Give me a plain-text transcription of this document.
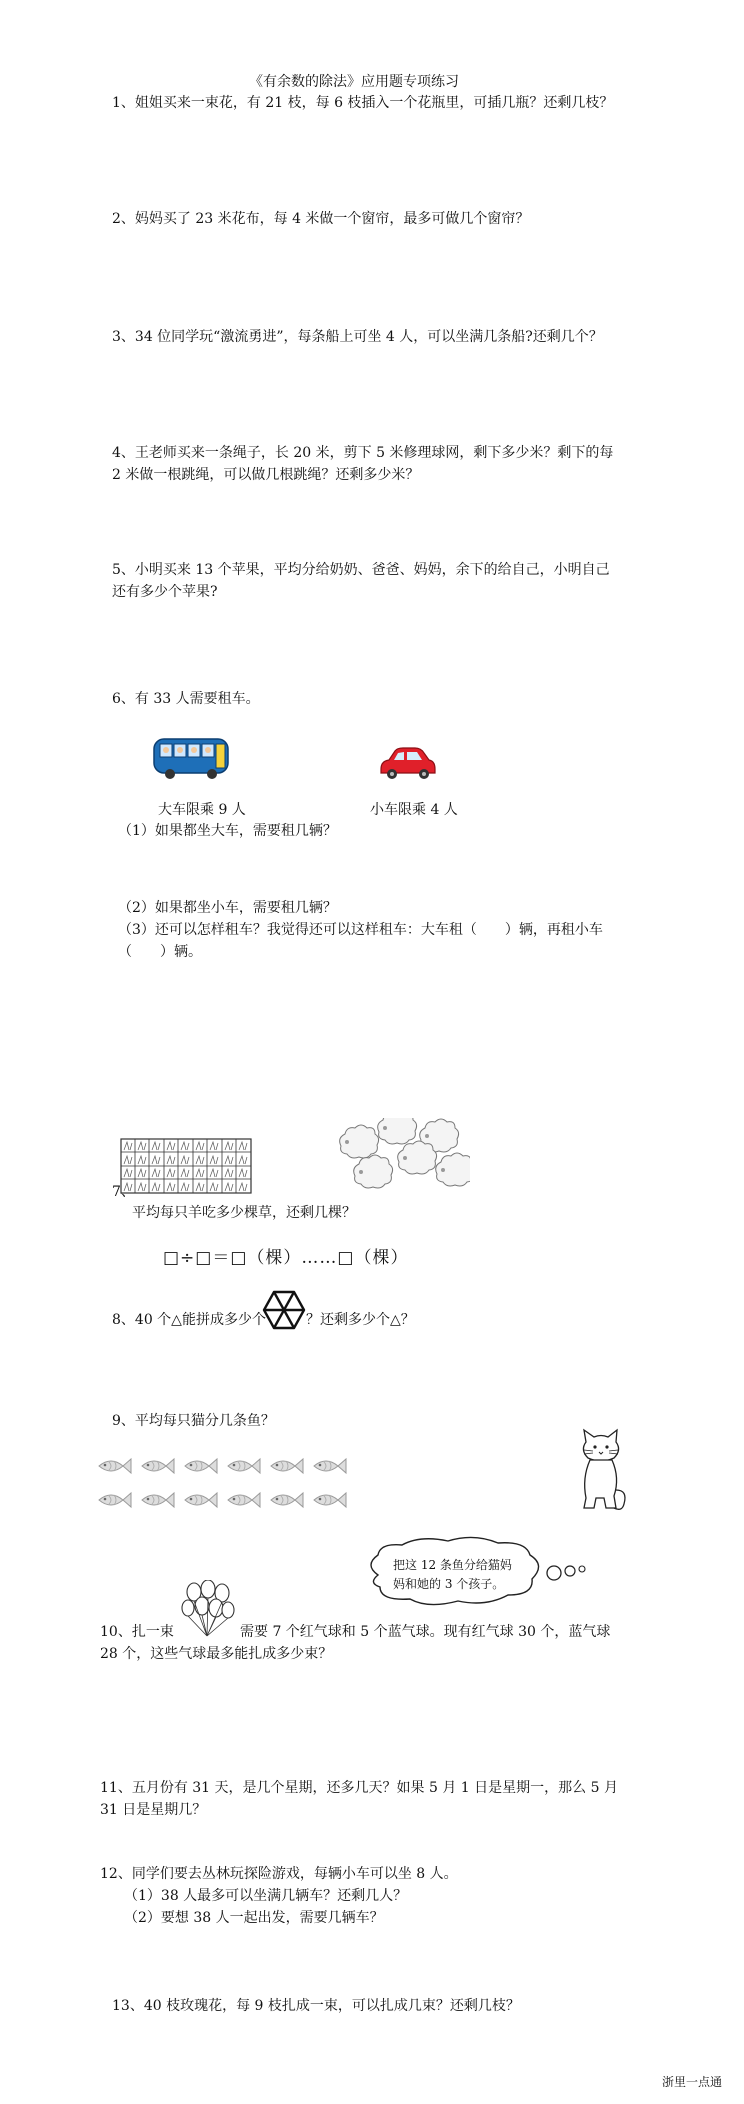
《有余数的除法》应用题专项练习
1、姐姐买来一束花，有 21 枝，每 6 枝插入一个花瓶里，可插几瓶？还剩几枝？
2、妈妈买了 23 米花布，每 4 米做一个窗帘，最多可做几个窗帘？
3、34 位同学玩“激流勇进”，每条船上可坐 4 人，可以坐满几条船?还剩几个？
4、王老师买来一条绳子，长 20 米，剪下 5 米修理球网，剩下多少米？剩下的每
2 米做一根跳绳，可以做几根跳绳？还剩多少米？
5、小明买来 13 个苹果，平均分给奶奶、爸爸、妈妈，余下的给自己，小明自己
还有多少个苹果?
6、有 33 人需要租车。
大车限乘 9 人	小车限乘 4 人
（1）如果都坐大车，需要租几辆？
（2）如果都坐小车，需要租几辆？
（3）还可以怎样租车？我觉得还可以这样租车：大车租（　　）辆，再租小车
（　　）辆。
7、
平均每只羊吃多少棵草，还剩几棵？
□÷□＝□（棵）……□（棵）
8、40 个△能拼成多少个	？还剩多少个△？
9、平均每只猫分几条鱼？
把这 12 条鱼分给猫妈
妈和她的 3 个孩子。
10、扎一束	需要 7 个红气球和 5 个蓝气球。现有红气球 30 个，蓝气球
28 个，这些气球最多能扎成多少束？
11、五月份有 31 天，是几个星期，还多几天？如果 5 月 1 日是星期一，那么 5 月
31 日是星期几？
12、同学们要去丛林玩探险游戏，每辆小车可以坐 8 人。
（1）38 人最多可以坐满几辆车？还剩几人？
（2）要想 38 人一起出发，需要几辆车？
13、40 枝玫瑰花，每 9 枝扎成一束，可以扎成几束？还剩几枝？
浙里一点通
